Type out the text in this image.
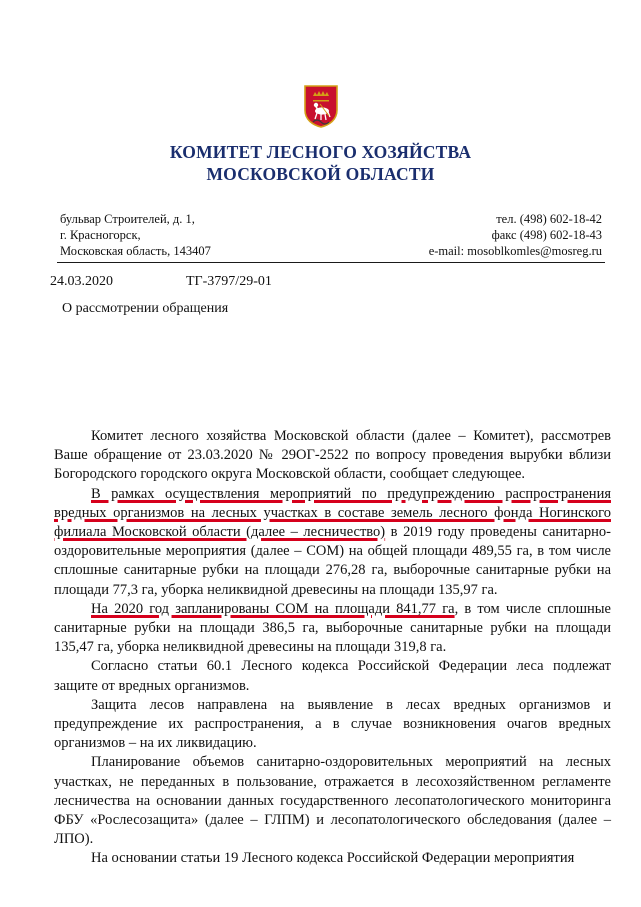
КОМИТЕТ ЛЕСНОГО ХОЗЯЙСТВА
МОСКОВСКОЙ ОБЛАСТИ
бульвар Строителей, д. 1,
г. Красногорск,
Московская область, 143407
тел. (498) 602-18-42
факс (498) 602-18-43
e-mail: mosoblkomles@mosreg.ru
24.03.2020	ТГ-3797/29-01
О рассмотрении обращения

Комитет лесного хозяйства Московской области (далее – Комитет), рассмотрев Ваше обращение от 23.03.2020 № 29ОГ-2522 по вопросу проведения вырубки вблизи Богородского городского округа Московской области, сообщает следующее.

В рамках осуществления мероприятий по предупреждению распространения вредных организмов на лесных участках в составе земель лесного фонда Ногинского филиала Московской области (далее – лесничество) в 2019 году проведены санитарно-оздоровительные мероприятия (далее – СОМ) на общей площади 489,55 га, в том числе сплошные санитарные рубки на площади 276,28 га, выборочные санитарные рубки на площади 77,3 га, уборка неликвидной древесины на площади 135,97 га.

На 2020 год запланированы СОМ на площади 841,77 га, в том числе сплошные санитарные рубки на площади 386,5 га, выборочные санитарные рубки на площади 135,47 га, уборка неликвидной древесины на площади 319,8 га.

Согласно статьи 60.1 Лесного кодекса Российской Федерации леса подлежат защите от вредных организмов.

Защита лесов направлена на выявление в лесах вредных организмов и предупреждение их распространения, а в случае возникновения очагов вредных организмов – на их ликвидацию.

Планирование объемов санитарно-оздоровительных мероприятий на лесных участках, не переданных в пользование, отражается в лесохозяйственном регламенте лесничества на основании данных государственного лесопатологического мониторинга ФБУ «Рослесозащита» (далее – ГЛПМ) и лесопатологического обследования (далее – ЛПО).

На основании статьи 19 Лесного кодекса Российской Федерации мероприятия
